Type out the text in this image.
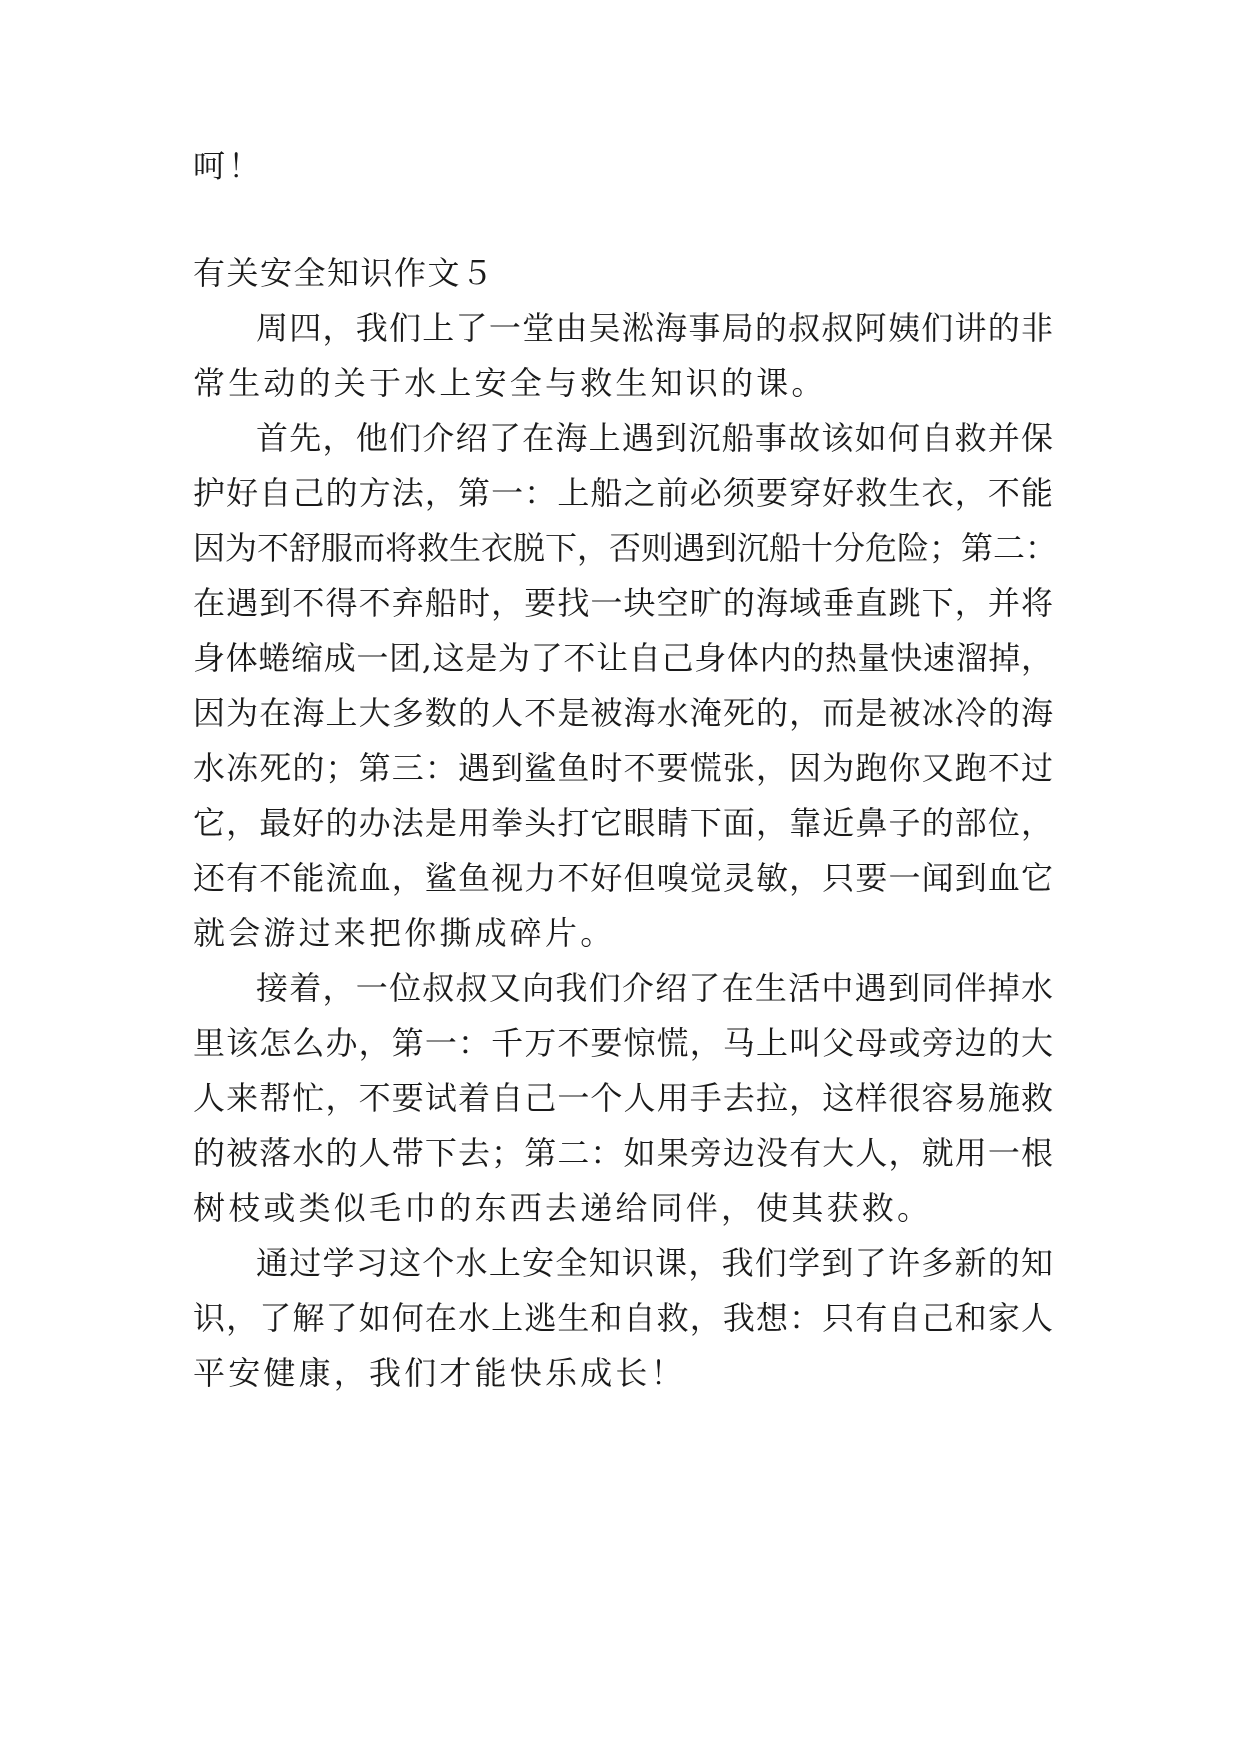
呵！
有关安全知识作文５
周四，我们上了一堂由吴淞海事局的叔叔阿姨们讲的非
常生动的关于水上安全与救生知识的课。
首先，他们介绍了在海上遇到沉船事故该如何自救并保
护好自己的方法，第一：上船之前必须要穿好救生衣，不能
因为不舒服而将救生衣脱下，否则遇到沉船十分危险；第二：
在遇到不得不弃船时，要找一块空旷的海域垂直跳下，并将
身体蜷缩成一团,这是为了不让自己身体内的热量快速溜掉，
因为在海上大多数的人不是被海水淹死的，而是被冰冷的海
水冻死的；第三：遇到鲨鱼时不要慌张，因为跑你又跑不过
它，最好的办法是用拳头打它眼睛下面，靠近鼻子的部位，
还有不能流血，鲨鱼视力不好但嗅觉灵敏，只要一闻到血它
就会游过来把你撕成碎片。
接着，一位叔叔又向我们介绍了在生活中遇到同伴掉水
里该怎么办，第一：千万不要惊慌，马上叫父母或旁边的大
人来帮忙，不要试着自己一个人用手去拉，这样很容易施救
的被落水的人带下去；第二：如果旁边没有大人，就用一根
树枝或类似毛巾的东西去递给同伴，使其获救。
通过学习这个水上安全知识课，我们学到了许多新的知
识，了解了如何在水上逃生和自救，我想：只有自己和家人
平安健康，我们才能快乐成长！
